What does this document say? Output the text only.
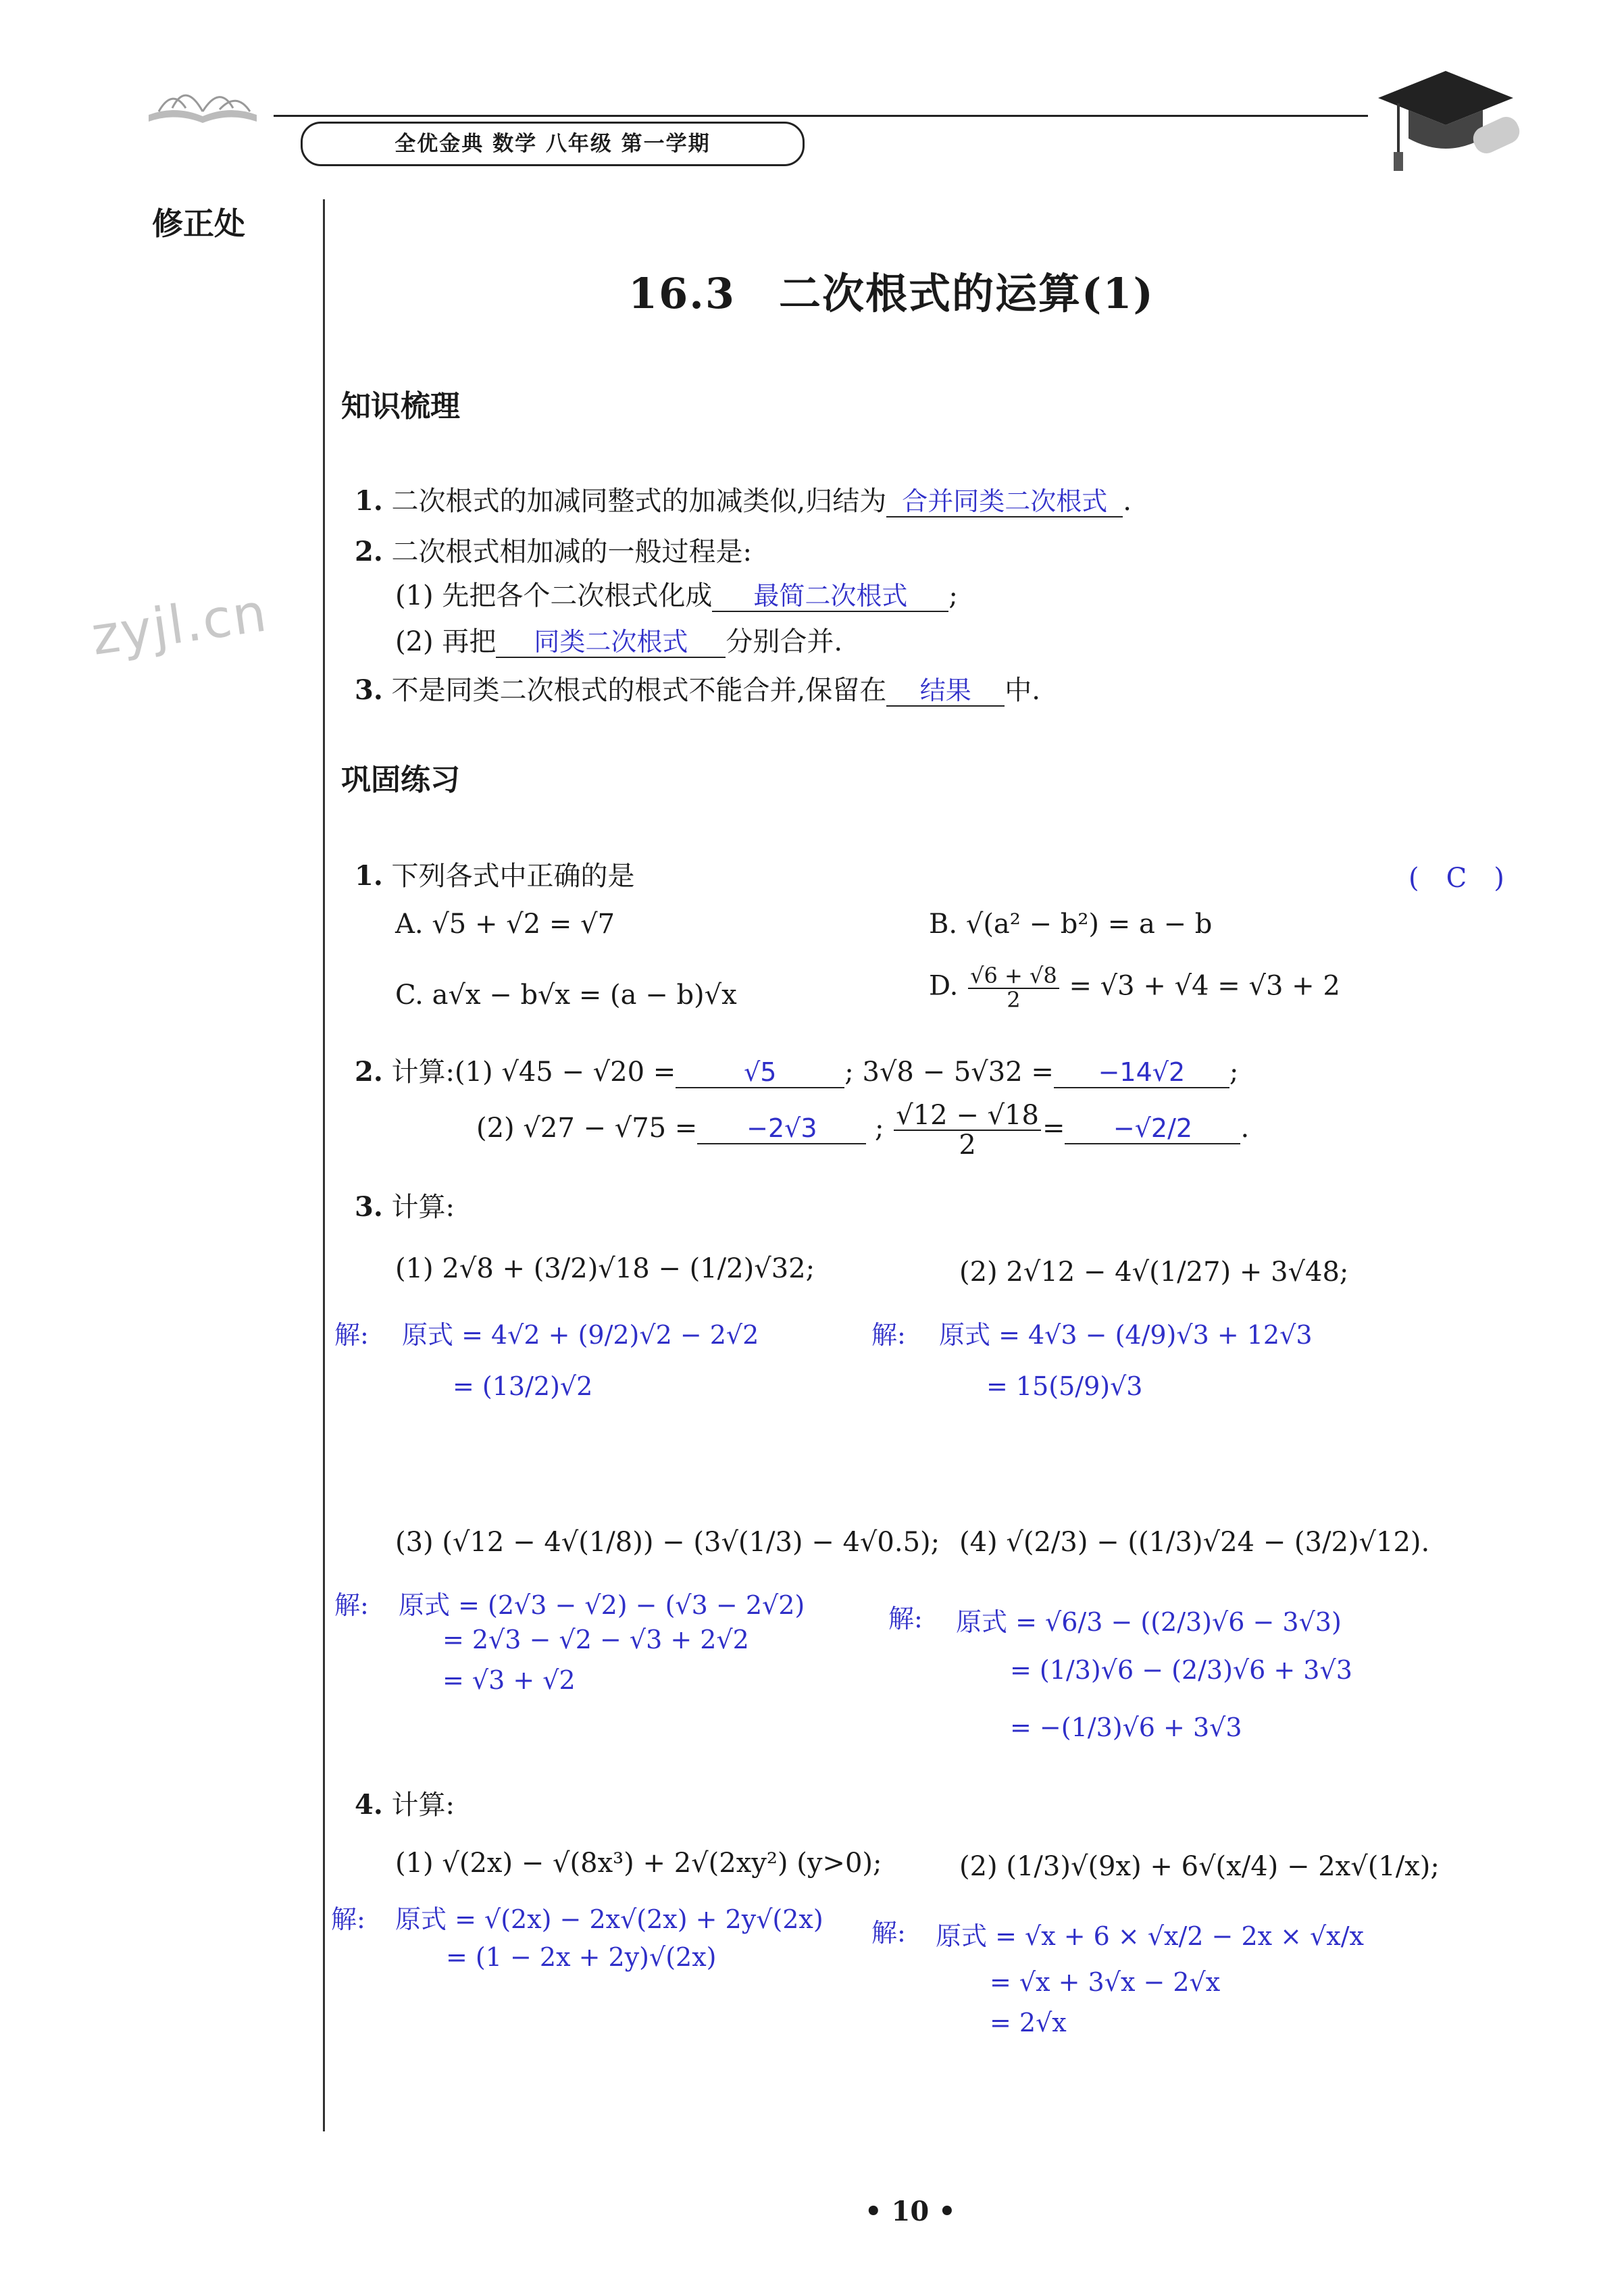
全优金典 数学 八年级 第一学期
修正处
zyjl.cn
16.3　二次根式的运算(1)
知识梳理
1. 二次根式的加减同整式的加减类似,归结为 合并同类二次根式 .
2. 二次根式相加减的一般过程是:
(1) 先把各个二次根式化成 最简二次根式 ;
(2) 再把 同类二次根式 分别合并.
3. 不是同类二次根式的根式不能合并,保留在 结果 中.
巩固练习
1. 下列各式中正确的是	(　C　)
A. √5 + √2 = √7	B. √(a² − b²) = a − b
C. a√x − b√x = (a − b)√x	D. $\frac{√6 + √8}{2} = √3 + √4 = √3 + 2$
2. 计算:(1) √45 − √20 =	√5	; 3√8 − 5√32 = −14√2 ;
(2) √27 − √75 = −2√3 ; $\frac{√12 - √18}{2} = -√2/2$ .
3. 计算:
(1) 2√8 + (3/2)√18 − (1/2)√32;	(2) 2√12 − 4√(1/27) + 3√48;
解: 原式 = 4√2 + (9/2)√2 − 2√2
= (13/2)√2
解: 原式 = 4√3 − (4/9)√3 + 12√3
= 15(5/9)√3
(3) (√12 − 4√(1/8)) − (3√(1/3) − 4√0.5); (4) √(2/3) − ((1/3)√24 − (3/2)√12).
解: 原式 = (2√3 − √2) − (√3 − 2√2)
= 2√3 − √2 − √3 + 2√2
= √3 + √2
解: 原式 = √6/3 − ((2/3)√6 − 3√3)
= (1/3)√6 − (2/3)√6 + 3√3
= −(1/3)√6 + 3√3
4. 计算:
(1) √(2x) − √(8x³) + 2√(2xy²) (y>0);	(2) (1/3)√(9x) + 6√(x/4) − 2x√(1/x);
解: 原式 = √(2x) − 2x√(2x) + 2y√(2x)
= (1 − 2x + 2y)√(2x)
解: 原式 = √x + 6 × √x/2 − 2x × √x/x
= √x + 3√x − 2√x
= 2√x
• 10 •
